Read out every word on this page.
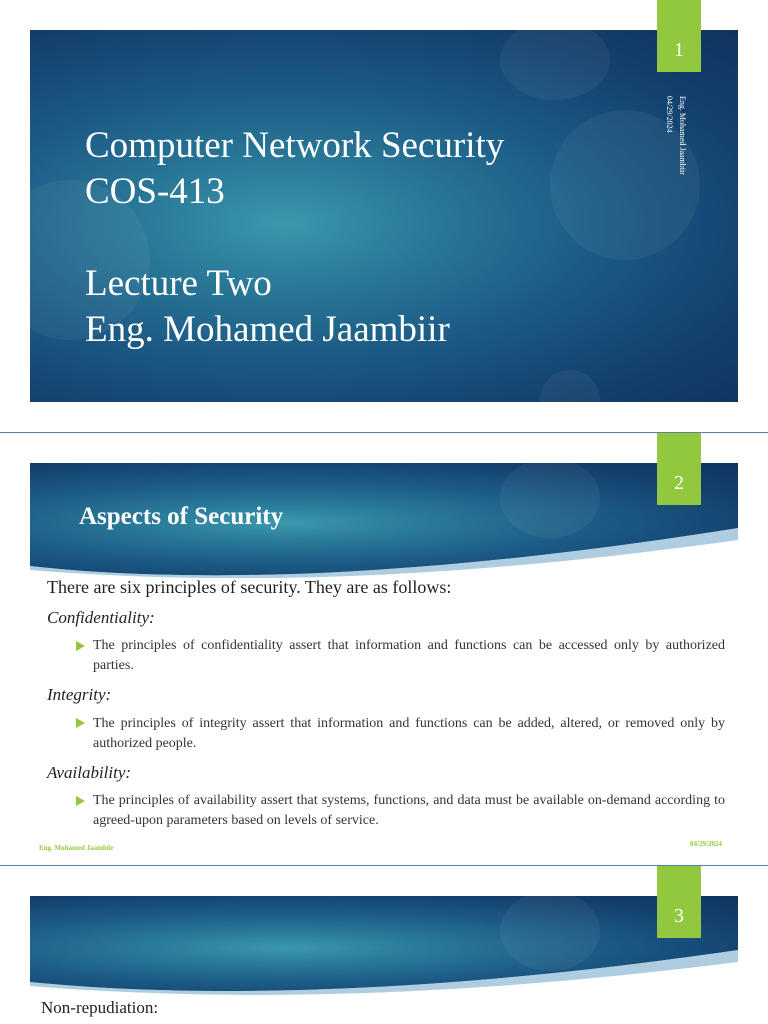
Computer Network Security
COS-413
Lecture Two
Eng. Mohamed Jaambiir
Eng. Mohamed Jaambiir
04/29/2024
1
Aspects of Security
2
There are six principles of security. They are as follows:
Confidentiality:
The principles of confidentiality assert that information and functions can be accessed only by authorized parties.
Integrity:
The principles of integrity assert that information and functions can be added, altered, or removed only by authorized people.
Availability:
The principles of availability assert that systems, functions, and data must be available on-demand according to agreed-upon parameters based on levels of service.
Eng. Mohamed Jaambiir	04/29/2024
3
Non-repudiation:
